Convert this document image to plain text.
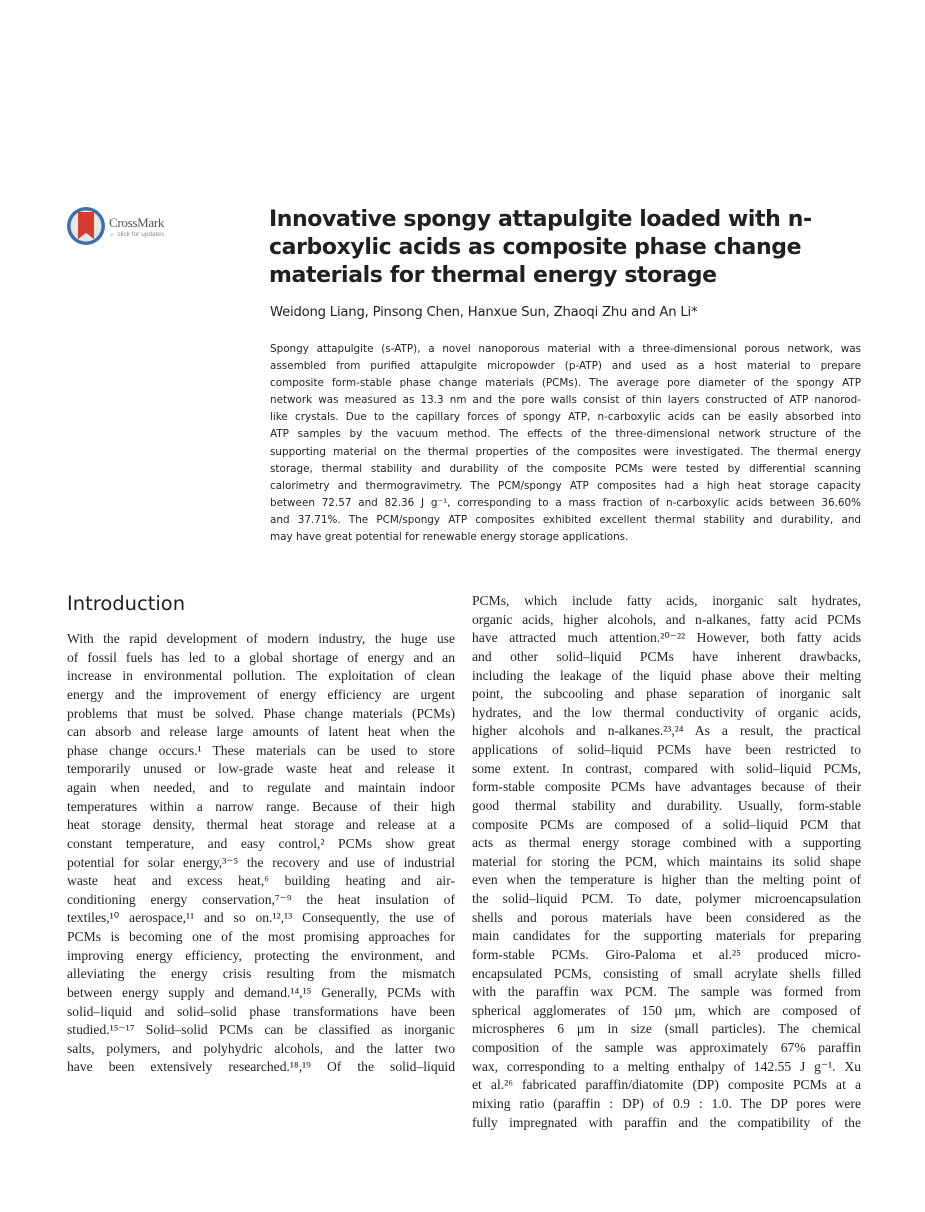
CrossMark
← click for updates
Innovative spongy attapulgite loaded with n-
carboxylic acids as composite phase change
materials for thermal energy storage
Weidong Liang, Pinsong Chen, Hanxue Sun, Zhaoqi Zhu and An Li*
Spongy attapulgite (s-ATP), a novel nanoporous material with a three-dimensional porous network, was
assembled from purified attapulgite micropowder (p-ATP) and used as a host material to prepare
composite form-stable phase change materials (PCMs). The average pore diameter of the spongy ATP
network was measured as 13.3 nm and the pore walls consist of thin layers constructed of ATP nanorod-
like crystals. Due to the capillary forces of spongy ATP, n-carboxylic acids can be easily absorbed into
ATP samples by the vacuum method. The effects of the three-dimensional network structure of the
supporting material on the thermal properties of the composites were investigated. The thermal energy
storage, thermal stability and durability of the composite PCMs were tested by differential scanning
calorimetry and thermogravimetry. The PCM/spongy ATP composites had a high heat storage capacity
between 72.57 and 82.36 J g⁻¹, corresponding to a mass fraction of n-carboxylic acids between 36.60%
and 37.71%. The PCM/spongy ATP composites exhibited excellent thermal stability and durability, and
may have great potential for renewable energy storage applications.
Introduction
With the rapid development of modern industry, the huge use
of fossil fuels has led to a global shortage of energy and an
increase in environmental pollution. The exploitation of clean
energy and the improvement of energy efficiency are urgent
problems that must be solved. Phase change materials (PCMs)
can absorb and release large amounts of latent heat when the
phase change occurs.¹ These materials can be used to store
temporarily unused or low-grade waste heat and release it
again when needed, and to regulate and maintain indoor
temperatures within a narrow range. Because of their high
heat storage density, thermal heat storage and release at a
constant temperature, and easy control,² PCMs show great
potential for solar energy,³⁻⁵ the recovery and use of industrial
waste heat and excess heat,⁶ building heating and air-
conditioning energy conservation,⁷⁻⁹ the heat insulation of
textiles,¹⁰ aerospace,¹¹ and so on.¹²,¹³ Consequently, the use of
PCMs is becoming one of the most promising approaches for
improving energy efficiency, protecting the environment, and
alleviating the energy crisis resulting from the mismatch
between energy supply and demand.¹⁴,¹⁵ Generally, PCMs with
solid–liquid and solid–solid phase transformations have been
studied.¹⁵⁻¹⁷ Solid–solid PCMs can be classified as inorganic
salts, polymers, and polyhydric alcohols, and the latter two
have been extensively researched.¹⁸,¹⁹ Of the solid–liquid
PCMs, which include fatty acids, inorganic salt hydrates,
organic acids, higher alcohols, and n-alkanes, fatty acid PCMs
have attracted much attention.²⁰⁻²² However, both fatty acids
and other solid–liquid PCMs have inherent drawbacks,
including the leakage of the liquid phase above their melting
point, the subcooling and phase separation of inorganic salt
hydrates, and the low thermal conductivity of organic acids,
higher alcohols and n-alkanes.²³,²⁴ As a result, the practical
applications of solid–liquid PCMs have been restricted to
some extent. In contrast, compared with solid–liquid PCMs,
form-stable composite PCMs have advantages because of their
good thermal stability and durability. Usually, form-stable
composite PCMs are composed of a solid–liquid PCM that
acts as thermal energy storage combined with a supporting
material for storing the PCM, which maintains its solid shape
even when the temperature is higher than the melting point of
the solid–liquid PCM. To date, polymer microencapsulation
shells and porous materials have been considered as the
main candidates for the supporting materials for preparing
form-stable PCMs. Giro-Paloma et al.²⁵ produced micro-
encapsulated PCMs, consisting of small acrylate shells filled
with the paraffin wax PCM. The sample was formed from
spherical agglomerates of 150 μm, which are composed of
microspheres 6 μm in size (small particles). The chemical
composition of the sample was approximately 67% paraffin
wax, corresponding to a melting enthalpy of 142.55 J g⁻¹. Xu
et al.²⁶ fabricated paraffin/diatomite (DP) composite PCMs at a
mixing ratio (paraffin : DP) of 0.9 : 1.0. The DP pores were
fully impregnated with paraffin and the compatibility of the
